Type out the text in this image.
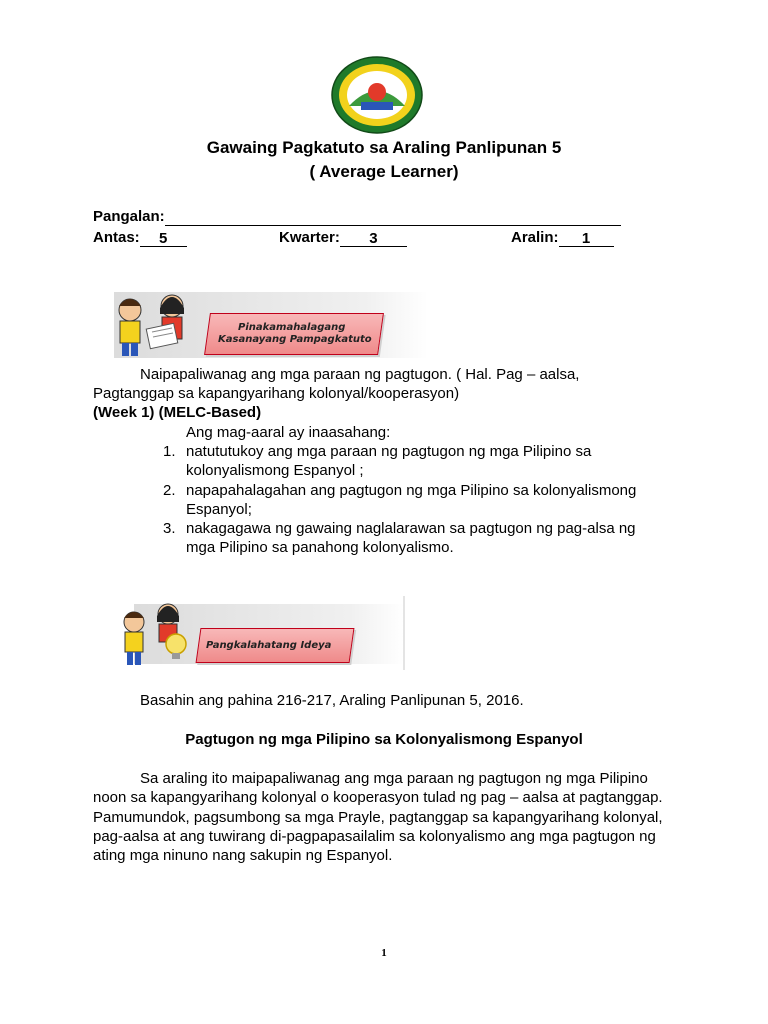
Gawaing Pagkatuto sa Araling Panlipunan 5
( Average Learner)
Pangalan:
Antas: 5	Kwarter: 3	Aralin: 1
Pinakamahalagang
Kasanayang Pampagkatuto
Naipapaliwanag ang mga paraan ng pagtugon. ( Hal. Pag – aalsa,
Pagtanggap sa kapangyarihang kolonyal/kooperasyon)
(Week 1) (MELC-Based)
Ang mag-aaral ay inaasahang:
1. natututukoy ang mga paraan ng pagtugon ng mga Pilipino sa
kolonyalismong Espanyol ;
2. napapahalagahan ang pagtugon ng mga Pilipino sa kolonyalismong
Espanyol;
3. nakagagawa ng gawaing naglalarawan sa pagtugon ng pag-alsa ng
mga Pilipino sa panahong kolonyalismo.
Pangkalahatang Ideya
Basahin ang pahina 216-217, Araling Panlipunan 5, 2016.
Pagtugon ng mga Pilipino sa Kolonyalismong Espanyol
Sa araling ito maipapaliwanag ang mga paraan ng pagtugon ng mga Pilipino
noon sa kapangyarihang kolonyal o kooperasyon tulad ng pag – aalsa at pagtanggap.
Pamumundok, pagsumbong sa mga Prayle, pagtanggap sa kapangyarihang kolonyal,
pag-aalsa at ang tuwirang di-pagpapasailalim sa kolonyalismo ang mga pagtugon ng
ating mga ninuno nang sakupin ng Espanyol.
1
